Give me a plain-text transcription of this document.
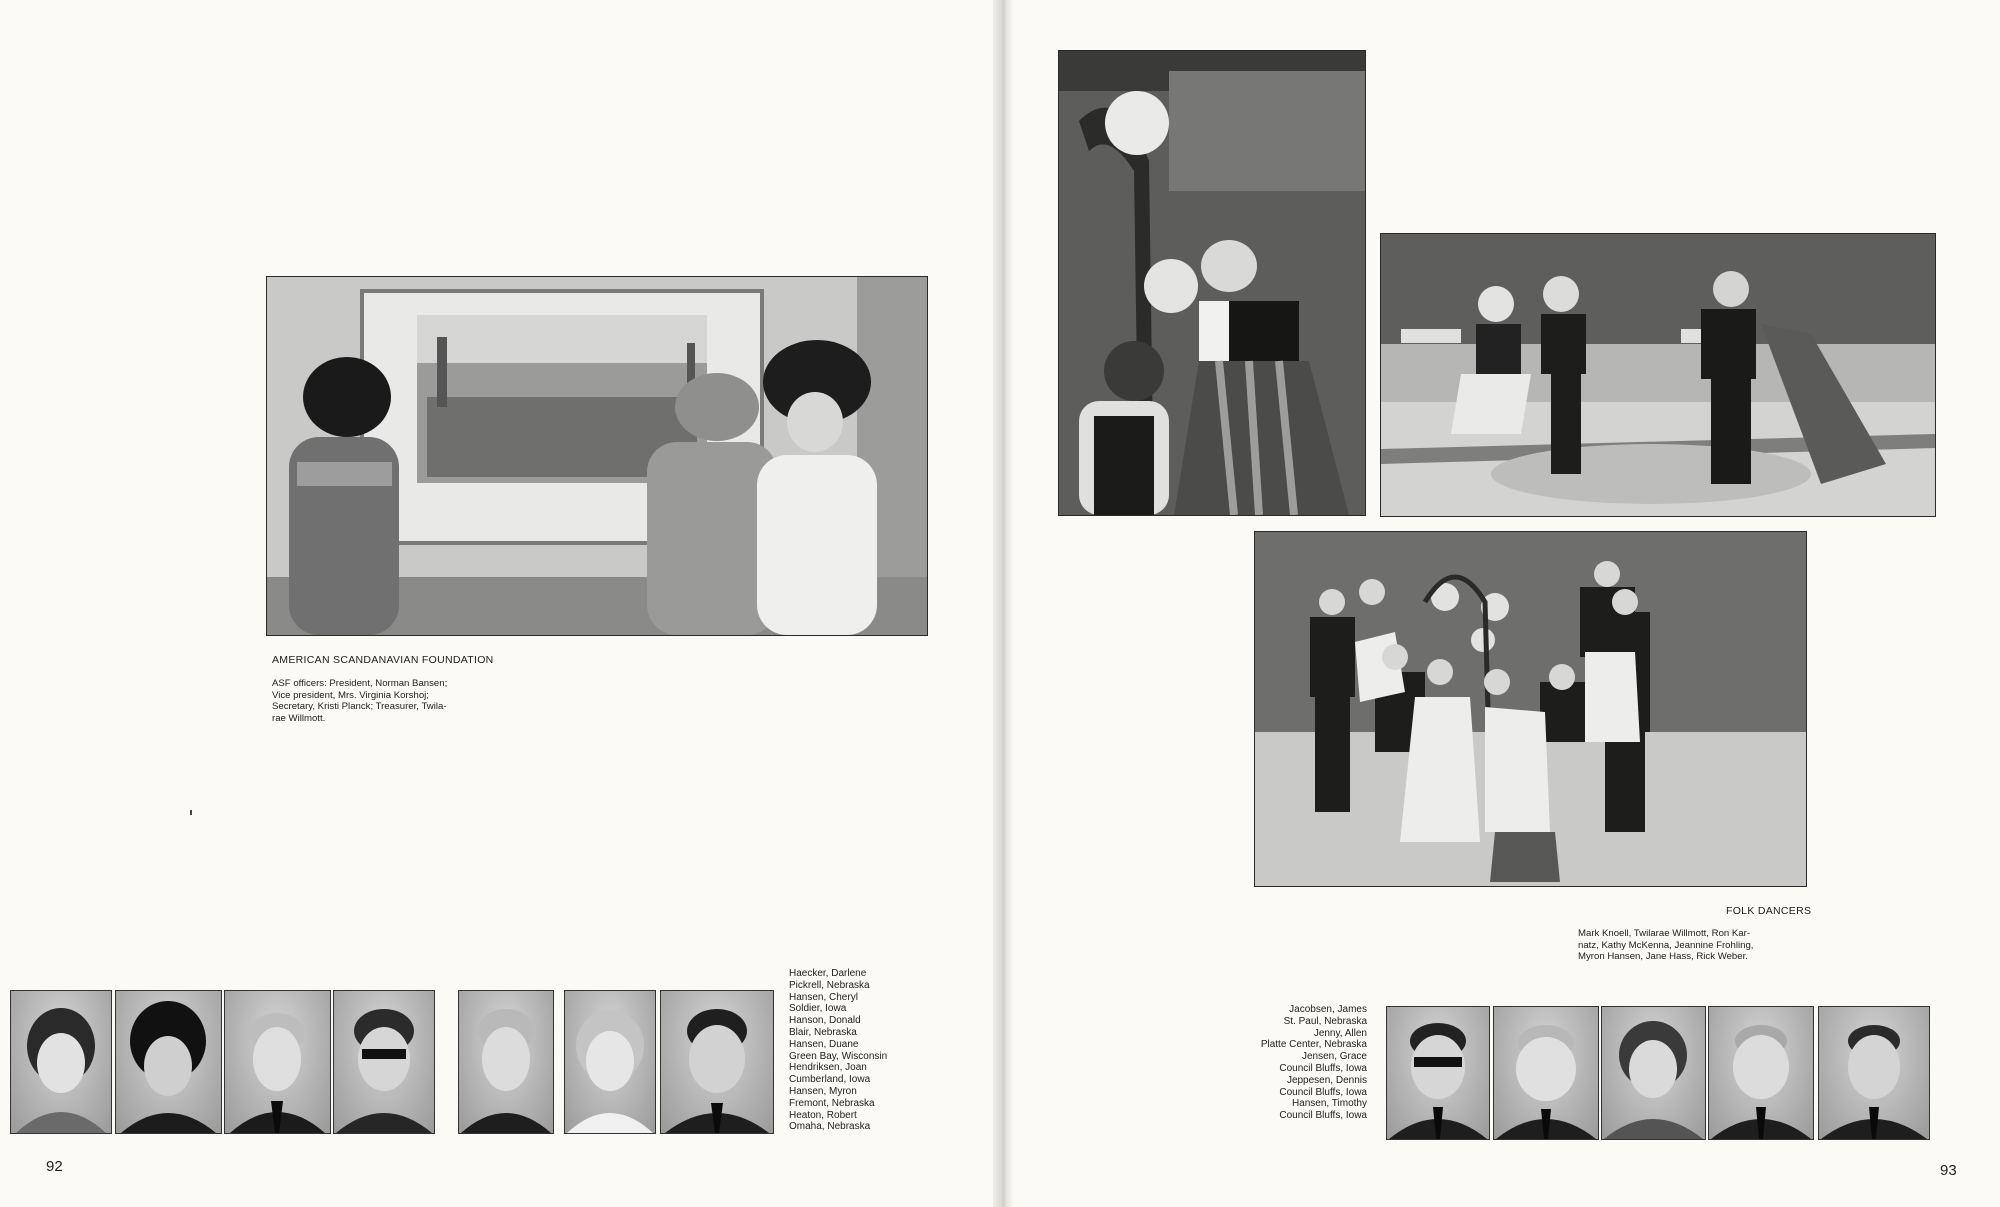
AMERICAN SCANDANAVIAN FOUNDATION
ASF officers: President, Norman Bansen;
Vice president, Mrs. Virginia Korshoj;
Secretary, Kristi Planck; Treasurer, Twila-
rae Willmott.
Haecker, Darlene
Pickrell, Nebraska
Hansen, Cheryl
Soldier, Iowa
Hanson, Donald
Blair, Nebraska
Hansen, Duane
Green Bay, Wisconsin
Hendriksen, Joan
Cumberland, Iowa
Hansen, Myron
Fremont, Nebraska
Heaton, Robert
Omaha, Nebraska
92
FOLK DANCERS
Mark Knoell, Twilarae Willmott, Ron Kar-
natz, Kathy McKenna, Jeannine Frohling,
Myron Hansen, Jane Hass, Rick Weber.
Jacobsen, James
St. Paul, Nebraska
Jenny, Allen
Platte Center, Nebraska
Jensen, Grace
Council Bluffs, Iowa
Jeppesen, Dennis
Council Bluffs, Iowa
Hansen, Timothy
Council Bluffs, Iowa
93
